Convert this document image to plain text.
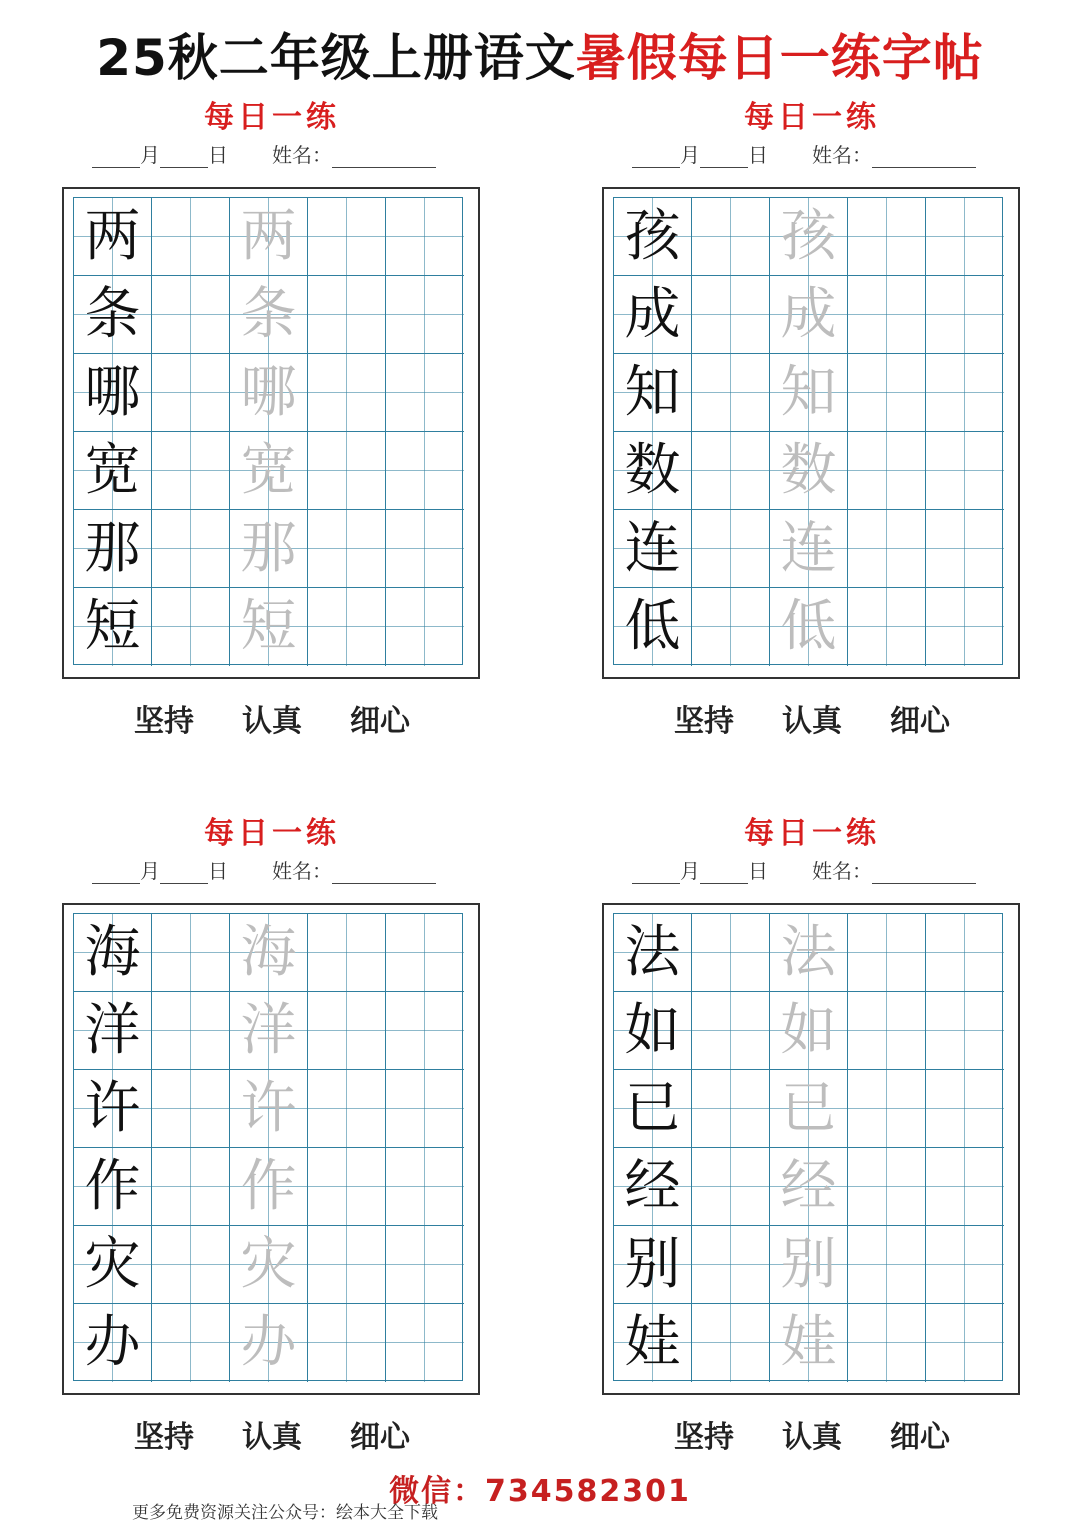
25秋二年级上册语文暑假每日一练字帖
每日一练
月 日 姓名：
两 两
条 条
哪 哪
宽 宽
那 那
短 短
坚持 认真 细心
每日一练
月 日 姓名：
孩 孩
成 成
知 知
数 数
连 连
低 低
坚持 认真 细心
每日一练
月 日 姓名：
海 海
洋 洋
许 许
作 作
灾 灾
办 办
坚持 认真 细心
每日一练
月 日 姓名：
法 法
如 如
已 已
经 经
别 别
娃 娃
坚持 认真 细心
微信：734582301
更多免费资源关注公众号：绘本大全下载
